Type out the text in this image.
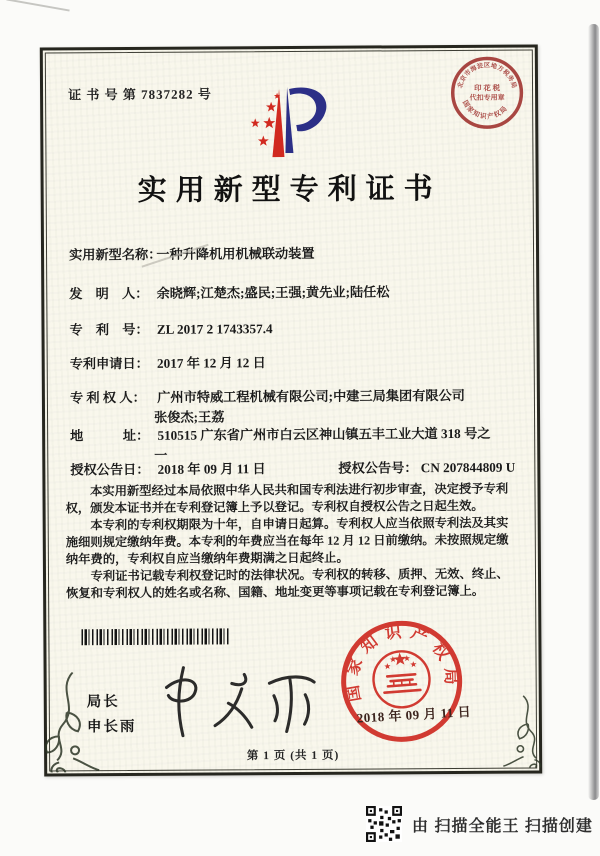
证 书 号 第 7837282 号
北京市海淀区地方税务局
国家知识产权局
印 花 税
代扣专用章
实用新型专利证书
实用新型名称： 一种升降机用机械联动装置
发　明　人： 余晓辉;江楚杰;盛民;王强;黄先业;陆任松
专　利　号： ZL 2017 2 1743357.4
专利申请日： 2017 年 12 月 12 日
专 利 权 人： 广州市特威工程机械有限公司;中建三局集团有限公司
张俊杰;王荔
地　　　址： 510515 广东省广州市白云区神山镇五丰工业大道 318 号之
一
授权公告日： 2018 年 09 月 11 日	授权公告号： CN 207844809 U

本实用新型经过本局依照中华人民共和国专利法进行初步审查，决定授予专利权，颁发本证书并在专利登记簿上予以登记。专利权自授权公告之日起生效。

本专利的专利权期限为十年，自申请日起算。专利权人应当依照专利法及其实施细则规定缴纳年费。本专利的年费应当在每年 12 月 12 日前缴纳。未按照规定缴纳年费的，专利权自应当缴纳年费期满之日起终止。

专利证书记载专利权登记时的法律状况。专利权的转移、质押、无效、终止、恢复和专利权人的姓名或名称、国籍、地址变更等事项记载在专利登记簿上。

局长
申长雨
国家知识产权局
2018 年 09 月 11 日
第 1 页 (共 1 页)
由 扫描全能王 扫描创建
